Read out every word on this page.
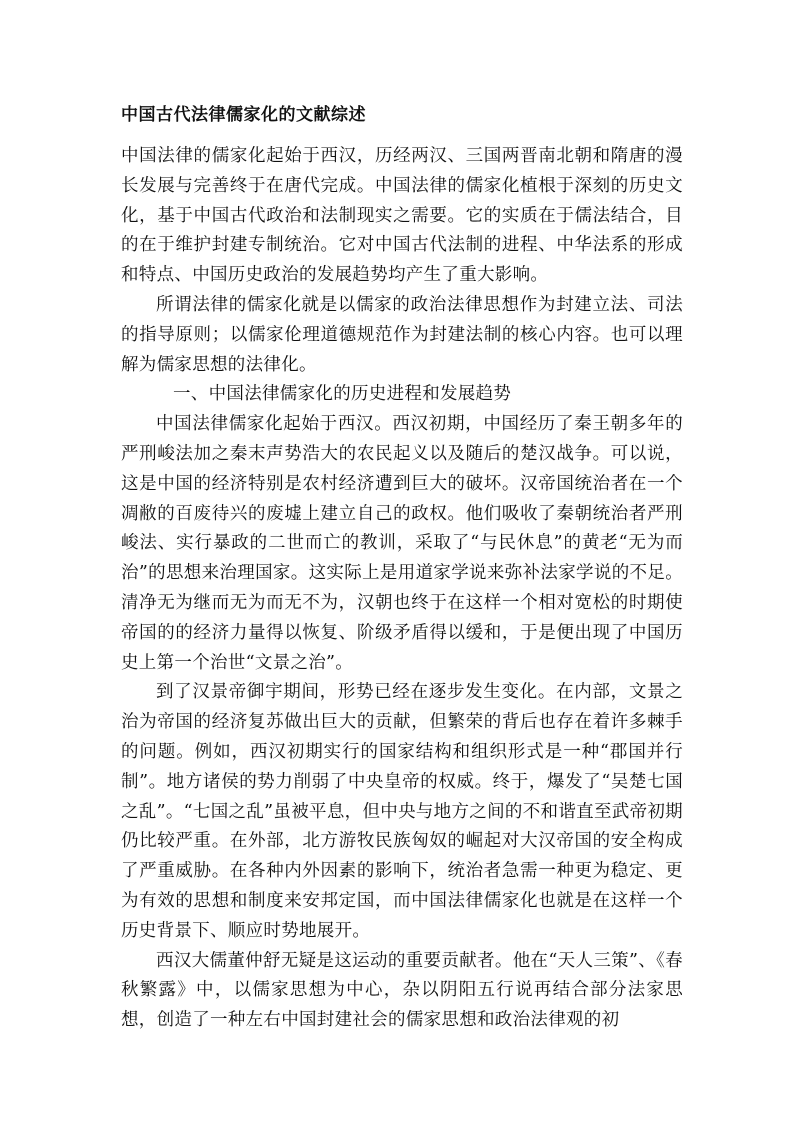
中国古代法律儒家化的文献综述

中国法律的儒家化起始于西汉，历经两汉、三国两晋南北朝和隋唐的漫长发展与完善终于在唐代完成。中国法律的儒家化植根于深刻的历史文化，基于中国古代政治和法制现实之需要。它的实质在于儒法结合，目的在于维护封建专制统治。它对中国古代法制的进程、中华法系的形成和特点、中国历史政治的发展趋势均产生了重大影响。

所谓法律的儒家化就是以儒家的政治法律思想作为封建立法、司法的指导原则；以儒家伦理道德规范作为封建法制的核心内容。也可以理解为儒家思想的法律化。

一、中国法律儒家化的历史进程和发展趋势

中国法律儒家化起始于西汉。西汉初期，中国经历了秦王朝多年的严刑峻法加之秦末声势浩大的农民起义以及随后的楚汉战争。可以说，这是中国的经济特别是农村经济遭到巨大的破坏。汉帝国统治者在一个凋敝的百废待兴的废墟上建立自己的政权。他们吸收了秦朝统治者严刑峻法、实行暴政的二世而亡的教训，采取了“与民休息”的黄老“无为而治”的思想来治理国家。这实际上是用道家学说来弥补法家学说的不足。清净无为继而无为而无不为，汉朝也终于在这样一个相对宽松的时期使帝国的的经济力量得以恢复、阶级矛盾得以缓和，于是便出现了中国历史上第一个治世“文景之治”。

到了汉景帝御宇期间，形势已经在逐步发生变化。在内部，文景之治为帝国的经济复苏做出巨大的贡献，但繁荣的背后也存在着许多棘手的问题。例如，西汉初期实行的国家结构和组织形式是一种“郡国并行制”。地方诸侯的势力削弱了中央皇帝的权威。终于，爆发了“吴楚七国之乱”。“七国之乱”虽被平息，但中央与地方之间的不和谐直至武帝初期仍比较严重。在外部，北方游牧民族匈奴的崛起对大汉帝国的安全构成了严重威胁。在各种内外因素的影响下，统治者急需一种更为稳定、更为有效的思想和制度来安邦定国，而中国法律儒家化也就是在这样一个历史背景下、顺应时势地展开。

西汉大儒董仲舒无疑是这运动的重要贡献者。他在“天人三策”、《春秋繁露》中，以儒家思想为中心，杂以阴阳五行说再结合部分法家思想，创造了一种左右中国封建社会的儒家思想和政治法律观的初
